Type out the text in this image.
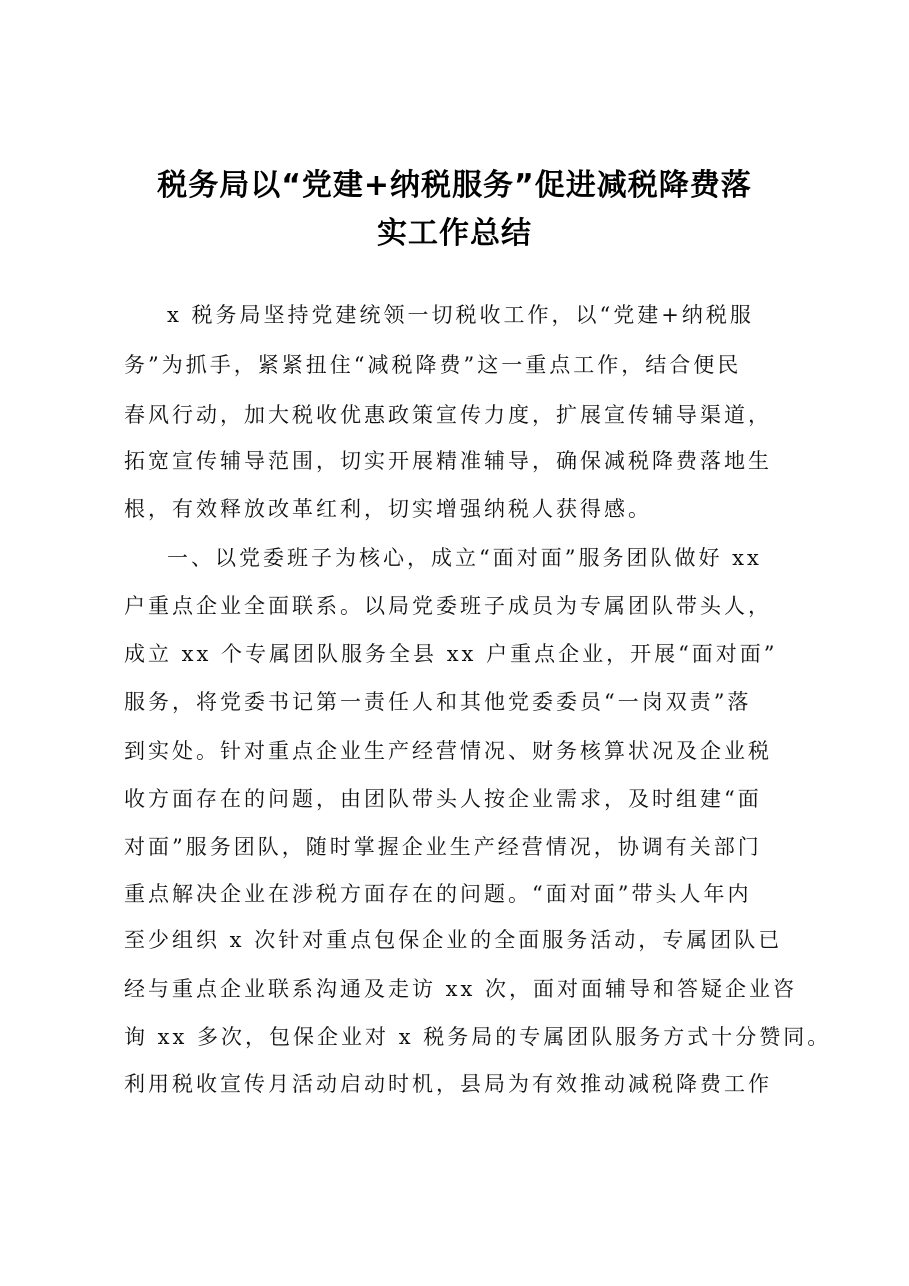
税务局以“党建+纳税服务”促进减税降费落
实工作总结
x 税务局坚持党建统领一切税收工作，以“党建+纳税服
务”为抓手，紧紧扭住“减税降费”这一重点工作，结合便民
春风行动，加大税收优惠政策宣传力度，扩展宣传辅导渠道，
拓宽宣传辅导范围，切实开展精准辅导，确保减税降费落地生
根，有效释放改革红利，切实增强纳税人获得感。
一、以党委班子为核心，成立“面对面”服务团队做好 xx
户重点企业全面联系。以局党委班子成员为专属团队带头人，
成立 xx 个专属团队服务全县 xx 户重点企业，开展“面对面”
服务，将党委书记第一责任人和其他党委委员“一岗双责”落
到实处。针对重点企业生产经营情况、财务核算状况及企业税
收方面存在的问题，由团队带头人按企业需求，及时组建“面
对面”服务团队，随时掌握企业生产经营情况，协调有关部门
重点解决企业在涉税方面存在的问题。“面对面”带头人年内
至少组织 x 次针对重点包保企业的全面服务活动，专属团队已
经与重点企业联系沟通及走访 xx 次，面对面辅导和答疑企业咨
询 xx 多次，包保企业对 x 税务局的专属团队服务方式十分赞同。
利用税收宣传月活动启动时机，县局为有效推动减税降费工作
